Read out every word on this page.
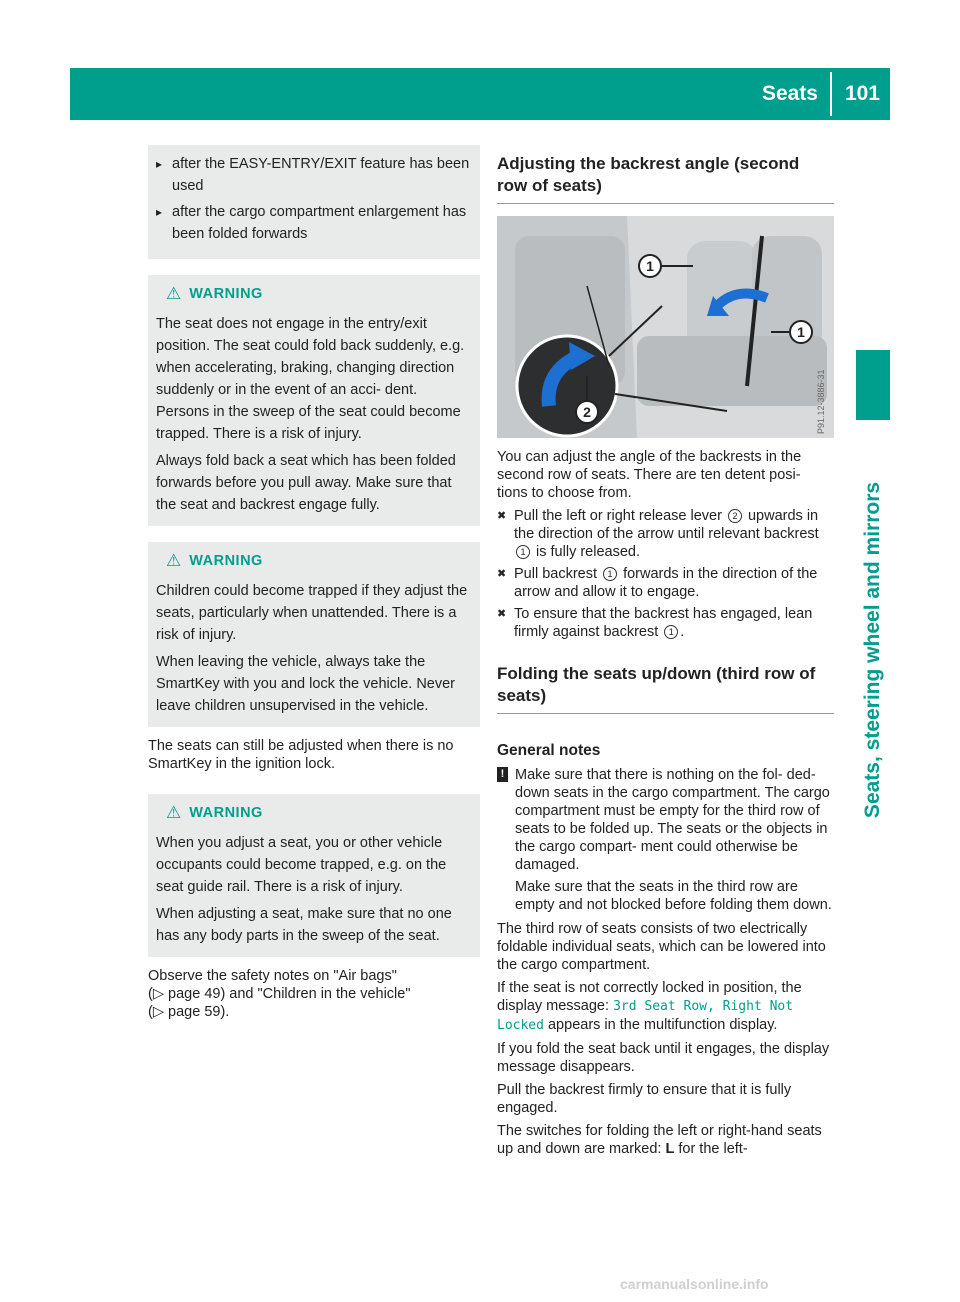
Seats 101
Seats, steering wheel and mirrors
▸ after the EASY-ENTRY/EXIT feature has been used
▸ after the cargo compartment enlargement has been folded forwards
⚠ WARNING

The seat does not engage in the entry/exit position. The seat could fold back suddenly, e.g. when accelerating, braking, changing direction suddenly or in the event of an acci- dent. Persons in the sweep of the seat could become trapped. There is a risk of injury.

Always fold back a seat which has been folded forwards before you pull away. Make sure that the seat and backrest engage fully.

⚠ WARNING

Children could become trapped if they adjust the seats, particularly when unattended. There is a risk of injury.

When leaving the vehicle, always take the SmartKey with you and lock the vehicle. Never leave children unsupervised in the vehicle.

The seats can still be adjusted when there is no SmartKey in the ignition lock.

⚠ WARNING

When you adjust a seat, you or other vehicle occupants could become trapped, e.g. on the seat guide rail. There is a risk of injury.

When adjusting a seat, make sure that no one has any body parts in the sweep of the seat.

Observe the safety notes on "Air bags"
(▷ page 49) and "Children in the vehicle"
(▷ page 59).

Adjusting the backrest angle (second row of seats)
1
1
2	P91.12-3886-31

You can adjust the angle of the backrests in the second row of seats. There are ten detent posi- tions to choose from.

✖ Pull the left or right release lever 2 upwards in the direction of the arrow until relevant backrest 1 is fully released.
✖ Pull backrest 1 forwards in the direction of the arrow and allow it to engage.
✖ To ensure that the backrest has engaged, lean firmly against backrest 1 .
Folding the seats up/down (third row of seats)
General notes
! Make sure that there is nothing on the fol- ded-down seats in the cargo compartment. The cargo compartment must be empty for the third row of seats to be folded up. The seats or the objects in the cargo compart- ment could otherwise be damaged.

Make sure that the seats in the third row are empty and not blocked before folding them down.

The third row of seats consists of two electrically foldable individual seats, which can be lowered into the cargo compartment.

If the seat is not correctly locked in position, the display message: 3rd Seat Row, Right Not Locked appears in the multifunction display.

If you fold the seat back until it engages, the display message disappears.

Pull the backrest firmly to ensure that it is fully engaged.

The switches for folding the left or right-hand seats up and down are marked: L for the left-

carmanualsonline.info
